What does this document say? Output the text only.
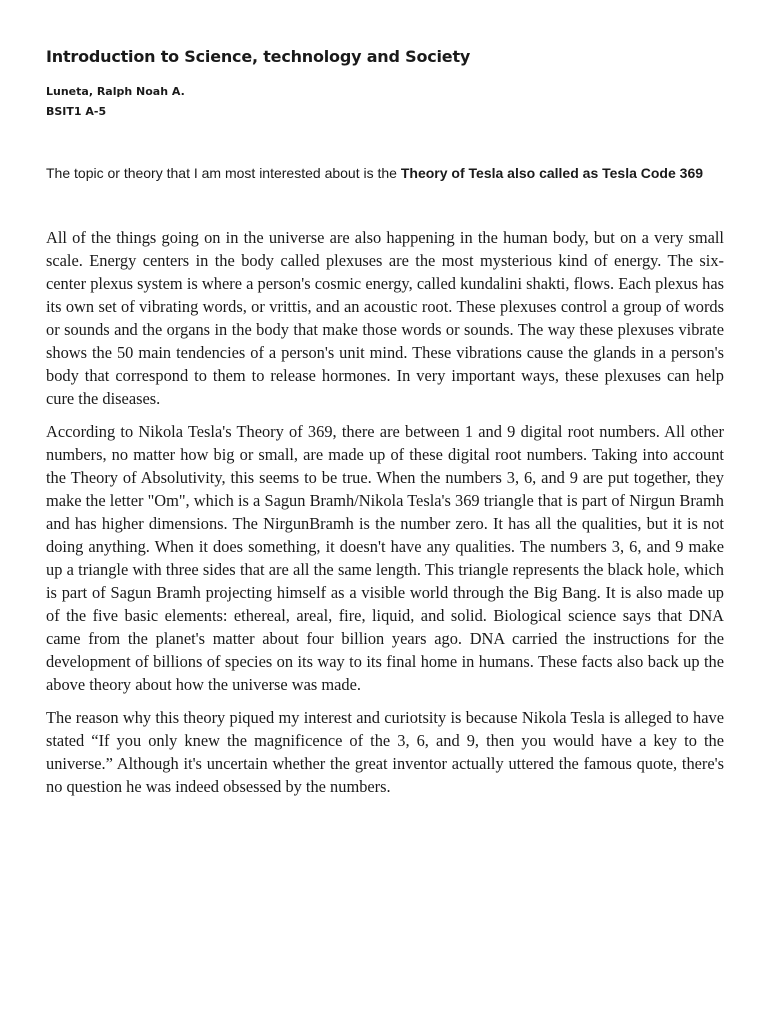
Introduction to Science, technology and Society

Luneta, Ralph Noah A.

BSIT1 A-5

The topic or theory that I am most interested about is the Theory of Tesla also called as Tesla Code 369

All of the things going on in the universe are also happening in the human body, but on a very small scale. Energy centers in the body called plexuses are the most mysterious kind of energy. The six-center plexus system is where a person's cosmic energy, called kundalini shakti, flows. Each plexus has its own set of vibrating words, or vrittis, and an acoustic root. These plexuses control a group of words or sounds and the organs in the body that make those words or sounds. The way these plexuses vibrate shows the 50 main tendencies of a person's unit mind. These vibrations cause the glands in a person's body that correspond to them to release hormones. In very important ways, these plexuses can help cure the diseases.

According to Nikola Tesla's Theory of 369, there are between 1 and 9 digital root numbers. All other numbers, no matter how big or small, are made up of these digital root numbers. Taking into account the Theory of Absolutivity, this seems to be true. When the numbers 3, 6, and 9 are put together, they make the letter "Om", which is a Sagun Bramh/Nikola Tesla's 369 triangle that is part of Nirgun Bramh and has higher dimensions. The NirgunBramh is the number zero. It has all the qualities, but it is not doing anything. When it does something, it doesn't have any qualities. The numbers 3, 6, and 9 make up a triangle with three sides that are all the same length. This triangle represents the black hole, which is part of Sagun Bramh projecting himself as a visible world through the Big Bang. It is also made up of the five basic elements: ethereal, areal, fire, liquid, and solid. Biological science says that DNA came from the planet's matter about four billion years ago. DNA carried the instructions for the development of billions of species on its way to its final home in humans. These facts also back up the above theory about how the universe was made.

The reason why this theory piqued my interest and curiotsity is because Nikola Tesla is alleged to have stated “If you only knew the magnificence of the 3, 6, and 9, then you would have a key to the universe.” Although it's uncertain whether the great inventor actually uttered the famous quote, there's no question he was indeed obsessed by the numbers.
